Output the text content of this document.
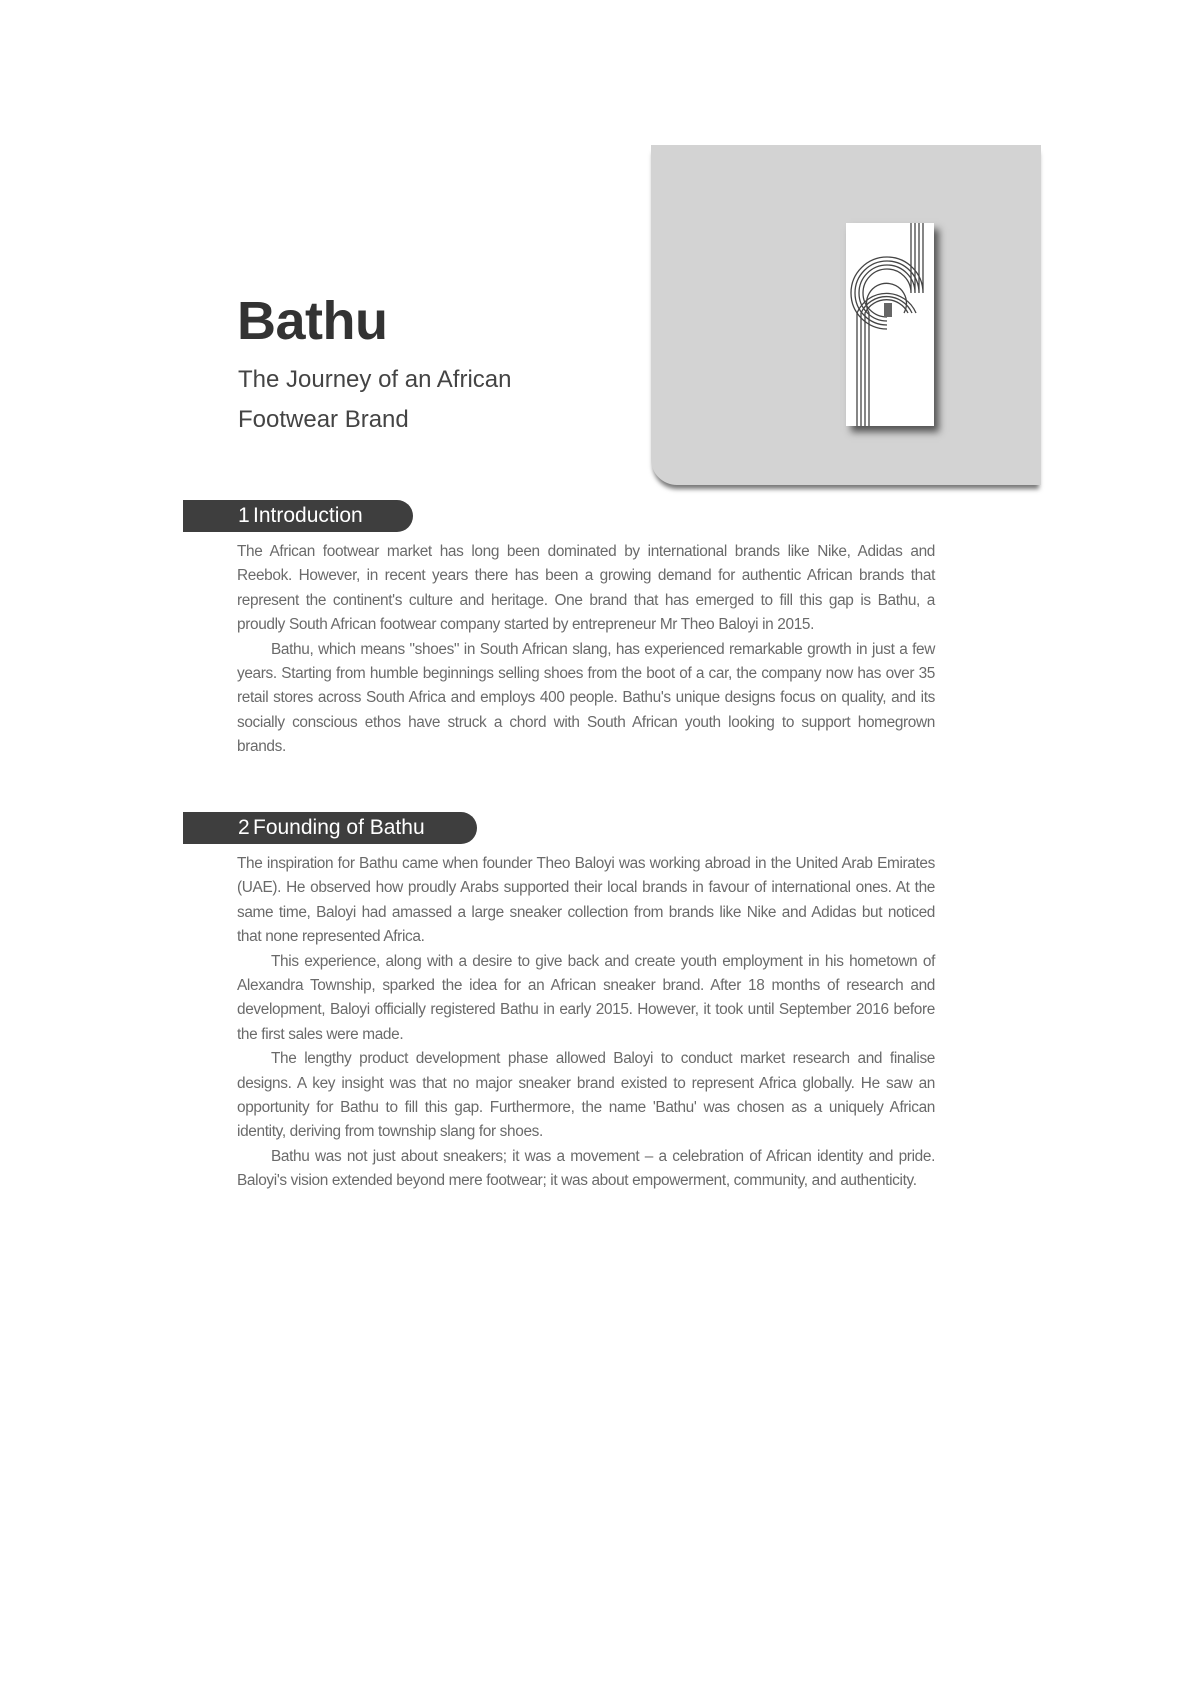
Bathu
The Journey of an African
Footwear Brand
1 Introduction

The African footwear market has long been dominated by international brands like Nike, Adidas and Reebok. However, in recent years there has been a growing demand for authentic African brands that represent the continent's culture and heritage. One brand that has emerged to fill this gap is Bathu, a proudly South African footwear company started by entrepreneur Mr Theo Baloyi in 2015.

Bathu, which means "shoes" in South African slang, has experienced remarkable growth in just a few years. Starting from humble beginnings selling shoes from the boot of a car, the company now has over 35 retail stores across South Africa and employs 400 people. Bathu's unique designs focus on quality, and its socially conscious ethos have struck a chord with South African youth looking to support homegrown brands.

2 Founding of Bathu

The inspiration for Bathu came when founder Theo Baloyi was working abroad in the United Arab Emirates (UAE). He observed how proudly Arabs supported their local brands in favour of international ones. At the same time, Baloyi had amassed a large sneaker collection from brands like Nike and Adidas but noticed that none represented Africa.

This experience, along with a desire to give back and create youth employment in his hometown of Alexandra Township, sparked the idea for an African sneaker brand. After 18 months of research and development, Baloyi officially registered Bathu in early 2015. However, it took until September 2016 before the first sales were made.

The lengthy product development phase allowed Baloyi to conduct market research and finalise designs. A key insight was that no major sneaker brand existed to represent Africa globally. He saw an opportunity for Bathu to fill this gap. Furthermore, the name 'Bathu' was chosen as a uniquely African identity, deriving from township slang for shoes.

Bathu was not just about sneakers; it was a movement – a celebration of African identity and pride. Baloyi's vision extended beyond mere footwear; it was about empowerment, community, and authenticity.
